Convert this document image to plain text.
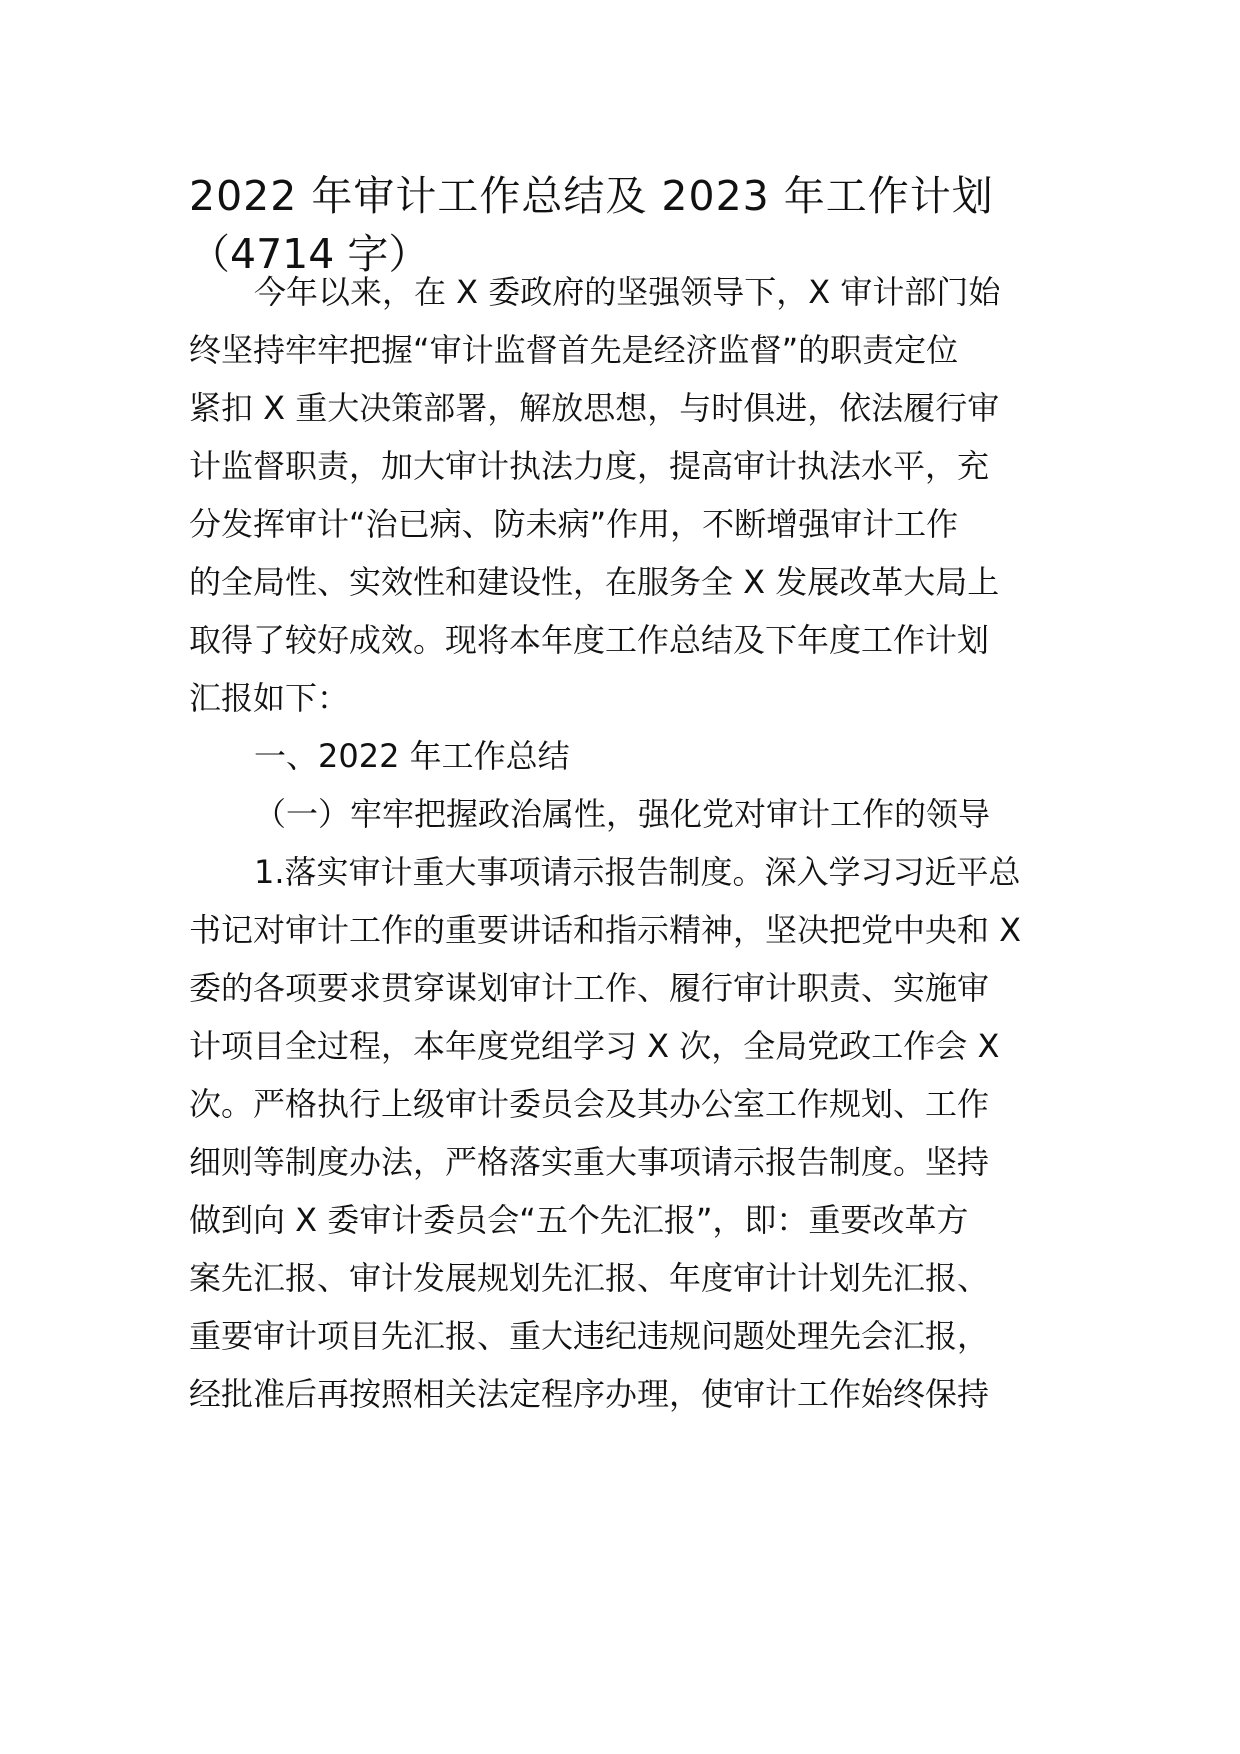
2022 年审计工作总结及 2023 年工作计划
（4714 字）

今年以来，在 X 委政府的坚强领导下，X 审计部门始

终坚持牢牢把握“审计监督首先是经济监督”的职责定位

紧扣 X 重大决策部署，解放思想，与时俱进，依法履行审

计监督职责，加大审计执法力度，提高审计执法水平，充

分发挥审计“治已病、防未病”作用，不断增强审计工作

的全局性、实效性和建设性，在服务全 X 发展改革大局上

取得了较好成效。现将本年度工作总结及下年度工作计划

汇报如下：

一、2022 年工作总结

（一）牢牢把握政治属性，强化党对审计工作的领导

1.落实审计重大事项请示报告制度。深入学习习近平总

书记对审计工作的重要讲话和指示精神，坚决把党中央和 X

委的各项要求贯穿谋划审计工作、履行审计职责、实施审

计项目全过程，本年度党组学习 X 次，全局党政工作会 X

次。严格执行上级审计委员会及其办公室工作规划、工作

细则等制度办法，严格落实重大事项请示报告制度。坚持

做到向 X 委审计委员会“五个先汇报”，即：重要改革方

案先汇报、审计发展规划先汇报、年度审计计划先汇报、

重要审计项目先汇报、重大违纪违规问题处理先会汇报，

经批准后再按照相关法定程序办理，使审计工作始终保持
